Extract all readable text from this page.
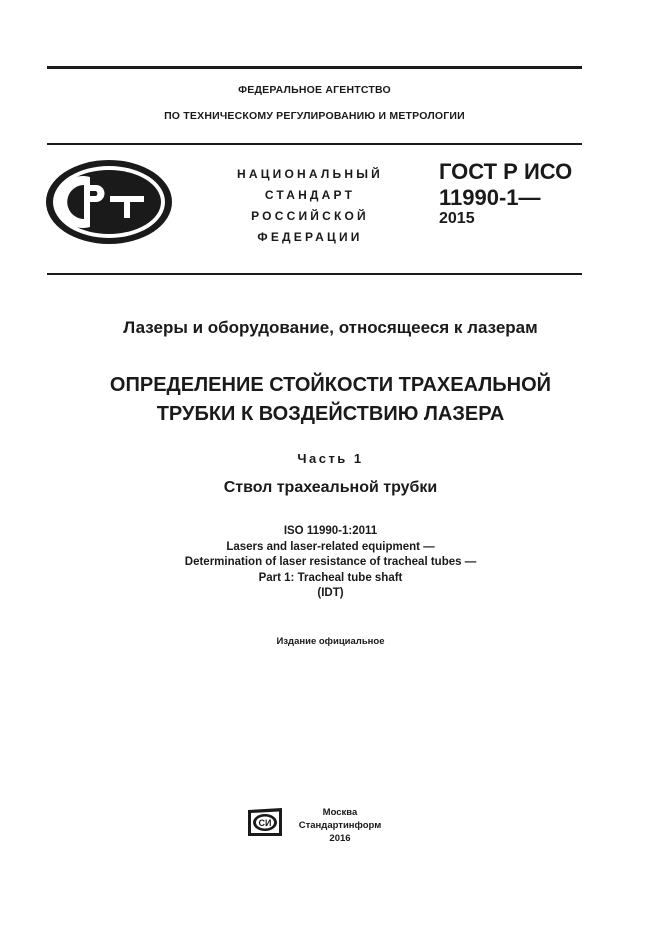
ФЕДЕРАЛЬНОЕ АГЕНТСТВО
ПО ТЕХНИЧЕСКОМУ РЕГУЛИРОВАНИЮ И МЕТРОЛОГИИ
НАЦИОНАЛЬНЫЙ
СТАНДАРТ
РОССИЙСКОЙ
ФЕДЕРАЦИИ
ГОСТ Р ИСО
11990-1—
2015
Лазеры и оборудование, относящееся к лазерам
ОПРЕДЕЛЕНИЕ СТОЙКОСТИ ТРАХЕАЛЬНОЙ
ТРУБКИ К ВОЗДЕЙСТВИЮ ЛАЗЕРА
Часть 1
Ствол трахеальной трубки
ISO 11990-1:2011
Lasers and laser-related equipment —
Determination of laser resistance of tracheal tubes —
Part 1: Tracheal tube shaft
(IDT)
Издание официальное
СИ
Москва
Стандартинформ
2016
